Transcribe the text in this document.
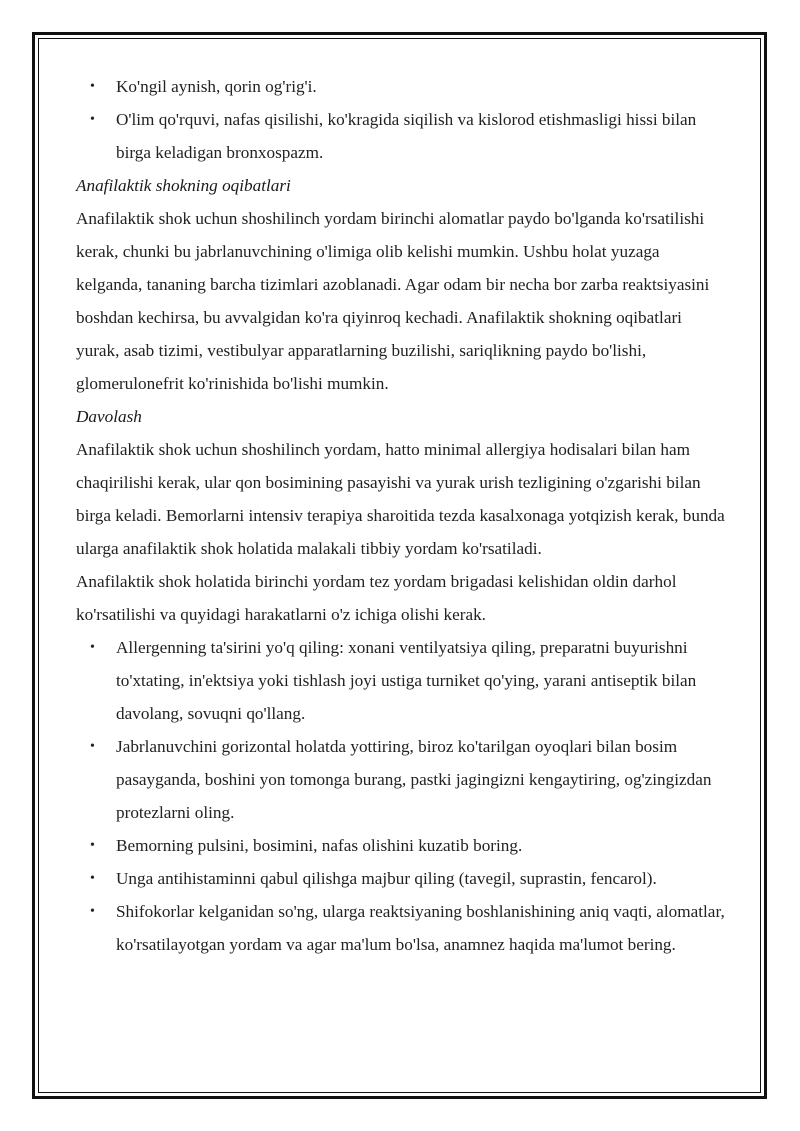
• Ko'ngil aynish, qorin og'rig'i.
• O'lim qo'rquvi, nafas qisilishi, ko'kragida siqilish va kislorod etishmasligi hissi bilan birga keladigan bronxospazm.
Anafilaktik shokning oqibatlari

Anafilaktik shok uchun shoshilinch yordam birinchi alomatlar paydo bo'lganda ko'rsatilishi kerak, chunki bu jabrlanuvchining o'limiga olib kelishi mumkin. Ushbu holat yuzaga kelganda, tananing barcha tizimlari azoblanadi. Agar odam bir necha bor zarba reaktsiyasini boshdan kechirsa, bu avvalgidan ko'ra qiyinroq kechadi. Anafilaktik shokning oqibatlari yurak, asab tizimi, vestibulyar apparatlarning buzilishi, sariqlikning paydo bo'lishi, glomerulonefrit ko'rinishida bo'lishi mumkin.

Davolash

Anafilaktik shok uchun shoshilinch yordam, hatto minimal allergiya hodisalari bilan ham chaqirilishi kerak, ular qon bosimining pasayishi va yurak urish tezligining o'zgarishi bilan birga keladi. Bemorlarni intensiv terapiya sharoitida tezda kasalxonaga yotqizish kerak, bunda ularga anafilaktik shok holatida malakali tibbiy yordam ko'rsatiladi.

Anafilaktik shok holatida birinchi yordam tez yordam brigadasi kelishidan oldin darhol ko'rsatilishi va quyidagi harakatlarni o'z ichiga olishi kerak.

• Allergenning ta'sirini yo'q qiling: xonani ventilyatsiya qiling, preparatni buyurishni to'xtating, in'ektsiya yoki tishlash joyi ustiga turniket qo'ying, yarani antiseptik bilan davolang, sovuqni qo'llang.
• Jabrlanuvchini gorizontal holatda yottiring, biroz ko'tarilgan oyoqlari bilan bosim pasayganda, boshini yon tomonga burang, pastki jagingizni kengaytiring, og'zingizdan protezlarni oling.
• Bemorning pulsini, bosimini, nafas olishini kuzatib boring.
• Unga antihistaminni qabul qilishga majbur qiling (tavegil, suprastin, fencarol).
• Shifokorlar kelganidan so'ng, ularga reaktsiyaning boshlanishining aniq vaqti, alomatlar, ko'rsatilayotgan yordam va agar ma'lum bo'lsa, anamnez haqida ma'lumot bering.
